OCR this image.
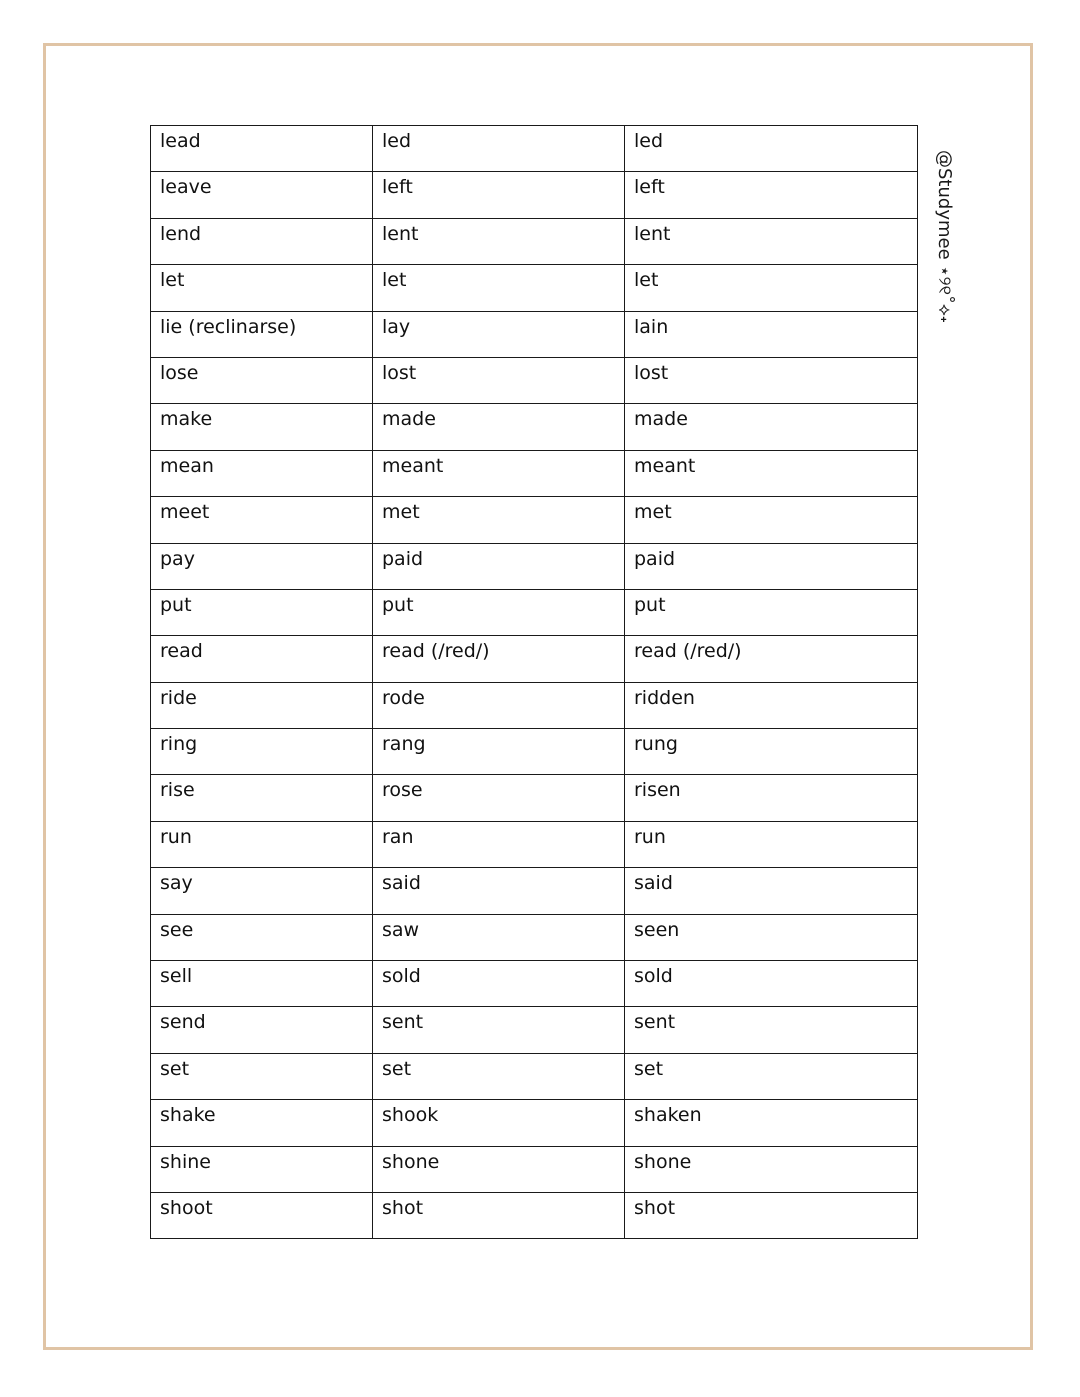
lead	led	led
leave	left	left
lend	lent	lent
let	let	let
lie (reclinarse)	lay	lain
lose	lost	lost
make	made	made
mean	meant	meant
meet	met	met
pay	paid	paid
put	put	put
read	read (/red/)	read (/red/)
ride	rode	ridden
ring	rang	rung
rise	rose	risen
run	ran	run
say	said	said
see	saw	seen
sell	sold	sold
send	sent	sent
set	set	set
shake	shook	shaken
shine	shone	shone
shoot	shot	shot
@Studymee ⋆୨୧˚⟡˖
